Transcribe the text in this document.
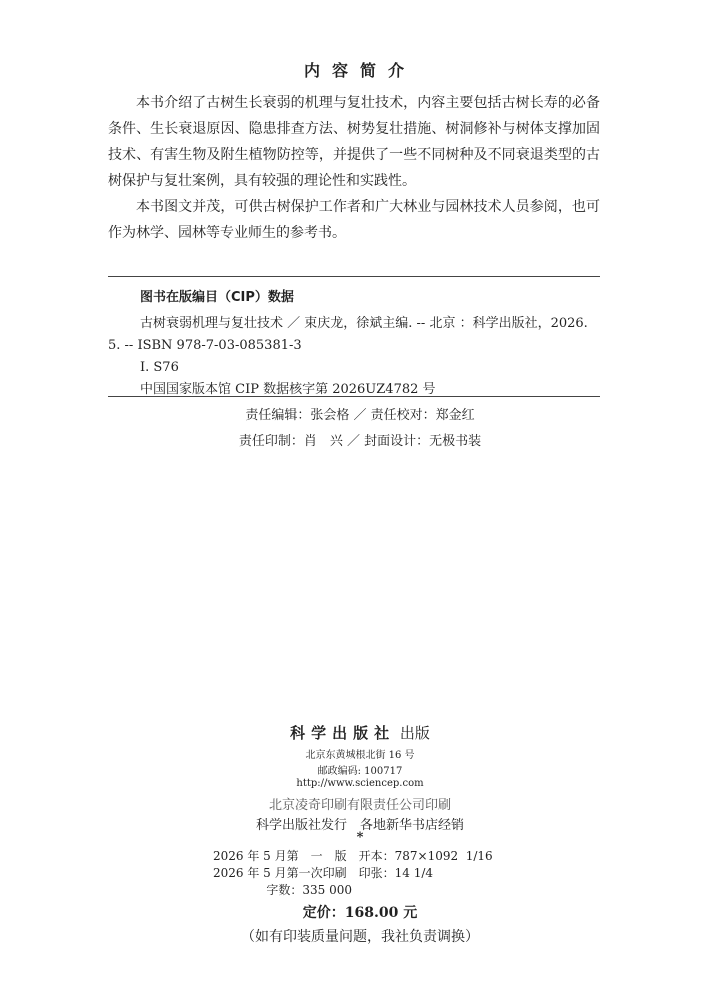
内容简介

本书介绍了古树生长衰弱的机理与复壮技术，内容主要包括古树长寿的必备条件、生长衰退原因、隐患排查方法、树势复壮措施、树洞修补与树体支撑加固技术、有害生物及附生植物防控等，并提供了一些不同树种及不同衰退类型的古树保护与复壮案例，具有较强的理论性和实践性。

本书图文并茂，可供古树保护工作者和广大林业与园林技术人员参阅，也可作为林学、园林等专业师生的参考书。

图书在版编目（CIP）数据
古树衰弱机理与复壮技术 ／ 束庆龙，徐斌主编. -- 北京 ：科学出版社，2026. 5. -- ISBN 978-7-03-085381-3
Ⅰ. S76
中国国家版本馆 CIP 数据核字第 2026UZ4782 号
责任编辑：张会格 ／ 责任校对：郑金红
责任印制：肖　兴 ／ 封面设计：无极书装
科学出版社 出版
北京东黄城根北街 16 号
邮政编码: 100717
http://www.sciencep.com
北京凌奇印刷有限责任公司印刷
科学出版社发行　各地新华书店经销
*
2026 年 5 月第　一　版　开本：787×1092  1/16
2026 年 5 月第一次印刷　印张：14 1/4
字数：335 000
定价：168.00 元
（如有印装质量问题，我社负责调换）
